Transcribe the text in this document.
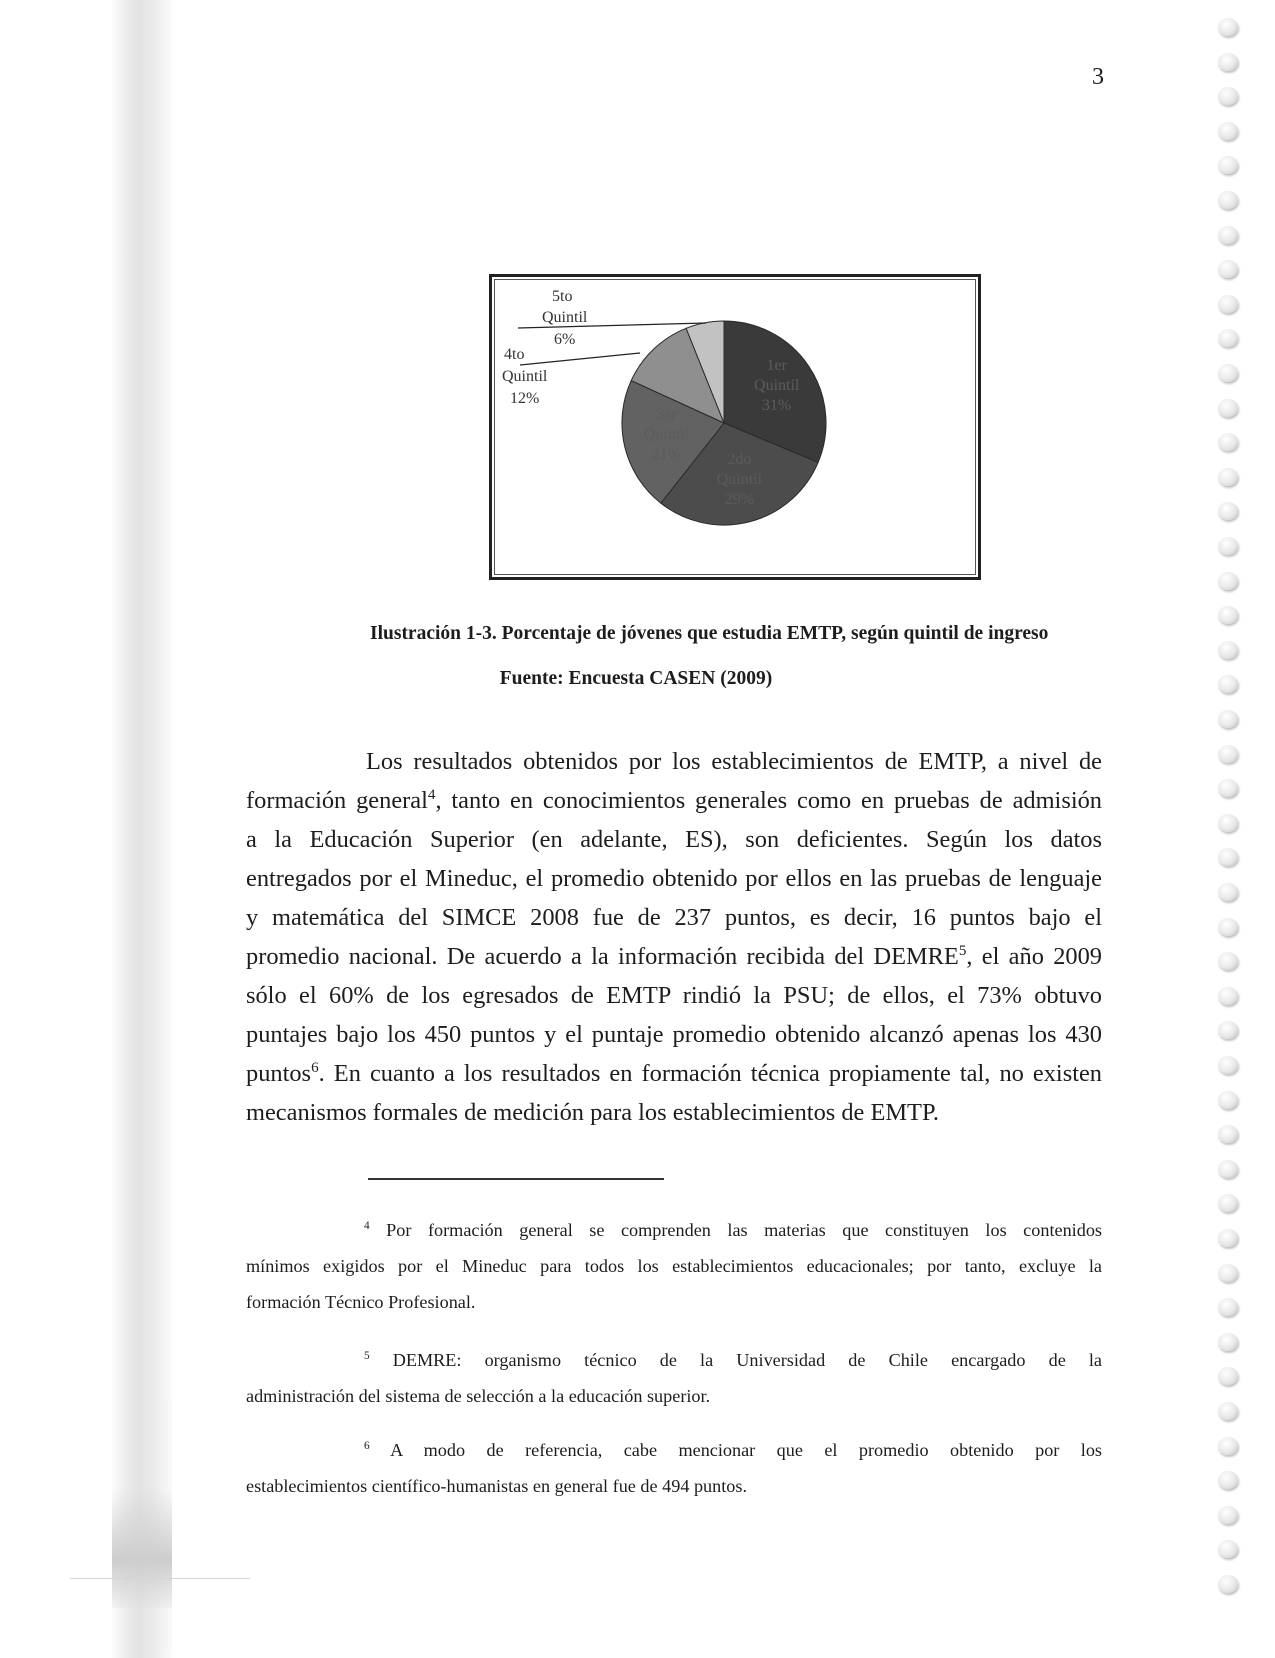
3
1er
Quintil
31%
2do
Quintil
29%
3er
Quintil
21%
5to
Quintil
6%
4to
Quintil
12%

Ilustración 1-3. Porcentaje de jóvenes que estudia EMTP, según quintil de ingreso

Fuente: Encuesta CASEN (2009)

Los resultados obtenidos por los establecimientos de EMTP, a nivel de
formación general$^4$, tanto en conocimientos generales como en pruebas de admisión
a la Educación Superior (en adelante, ES), son deficientes. Según los datos
entregados por el Mineduc, el promedio obtenido por ellos en las pruebas de lenguaje
y matemática del SIMCE 2008 fue de 237 puntos, es decir, 16 puntos bajo el
promedio nacional. De acuerdo a la información recibida del DEMRE$^5$, el año 2009
sólo el 60% de los egresados de EMTP rindió la PSU; de ellos, el 73% obtuvo
puntajes bajo los 450 puntos y el puntaje promedio obtenido alcanzó apenas los 430
puntos$^6$. En cuanto a los resultados en formación técnica propiamente tal, no existen
mecanismos formales de medición para los establecimientos de EMTP.
$^4$ Por formación general se comprenden las materias que constituyen los contenidos
mínimos exigidos por el Mineduc para todos los establecimientos educacionales; por tanto, excluye la
formación Técnico Profesional.
$^5$ DEMRE: organismo técnico de la Universidad de Chile encargado de la
administración del sistema de selección a la educación superior.
$^6$ A modo de referencia, cabe mencionar que el promedio obtenido por los
establecimientos científico-humanistas en general fue de 494 puntos.
